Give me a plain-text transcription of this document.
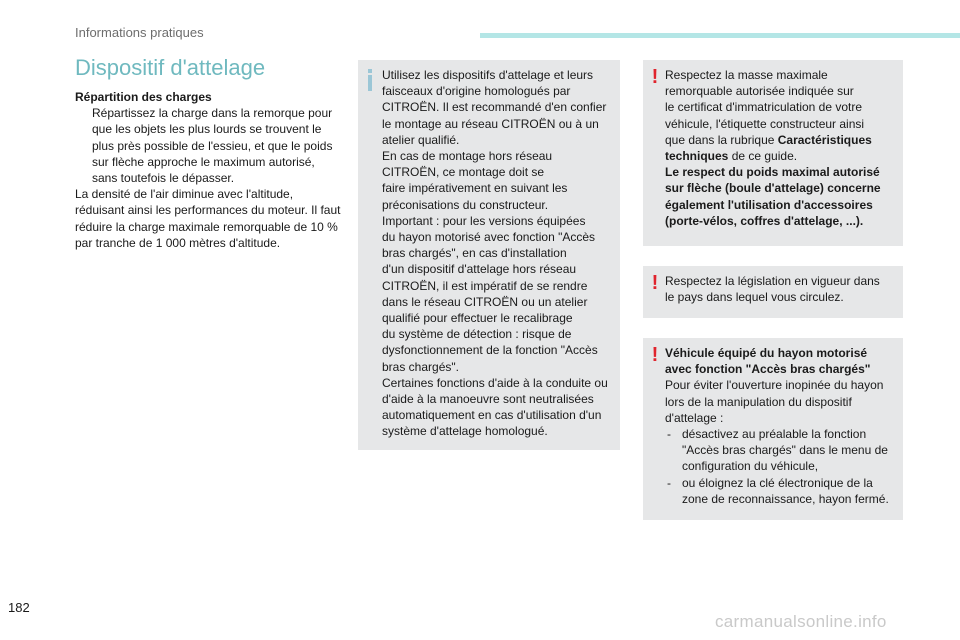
Informations pratiques
Dispositif d'attelage

Répartition des charges

Répartissez la charge dans la remorque pour que les objets les plus lourds se trouvent le plus près possible de l'essieu, et que le poids sur flèche approche le maximum autorisé, sans toutefois le dépasser.

La densité de l'air diminue avec l'altitude, réduisant ainsi les performances du moteur. Il faut réduire la charge maximale remorquable de 10 % par tranche de 1 000 mètres d'altitude.

Utilisez les dispositifs d'attelage et leurs

faisceaux d'origine homologués par

CITROËN. Il est recommandé d'en confier

le montage au réseau CITROËN ou à un

atelier qualifié.

En cas de montage hors réseau

CITROËN, ce montage doit se

faire impérativement en suivant les

préconisations du constructeur.

Important : pour les versions équipées

du hayon motorisé avec fonction "Accès

bras chargés", en cas d'installation

d'un dispositif d'attelage hors réseau

CITROËN, il est impératif de se rendre

dans le réseau CITROËN ou un atelier

qualifié pour effectuer le recalibrage

du système de détection : risque de

dysfonctionnement de la fonction "Accès

bras chargés".

Certaines fonctions d'aide à la conduite ou

d'aide à la manoeuvre sont neutralisées

automatiquement en cas d'utilisation d'un

système d'attelage homologué.

! Respectez la masse maximale

remorquable autorisée indiquée sur

le certificat d'immatriculation de votre

véhicule, l'étiquette constructeur ainsi

que dans la rubrique Caractéristiques

techniques de ce guide.

Le respect du poids maximal autorisé

sur flèche (boule d'attelage) concerne

également l'utilisation d'accessoires

(porte-vélos, coffres d'attelage, ...).

! Respectez la législation en vigueur dans

le pays dans lequel vous circulez.

! Véhicule équipé du hayon motorisé

avec fonction "Accès bras chargés"

Pour éviter l'ouverture inopinée du hayon

lors de la manipulation du dispositif

d'attelage :

- désactivez au préalable la fonction

"Accès bras chargés" dans le menu de

configuration du véhicule,

- ou éloignez la clé électronique de la

zone de reconnaissance, hayon fermé.

182
carmanualsonline.info
